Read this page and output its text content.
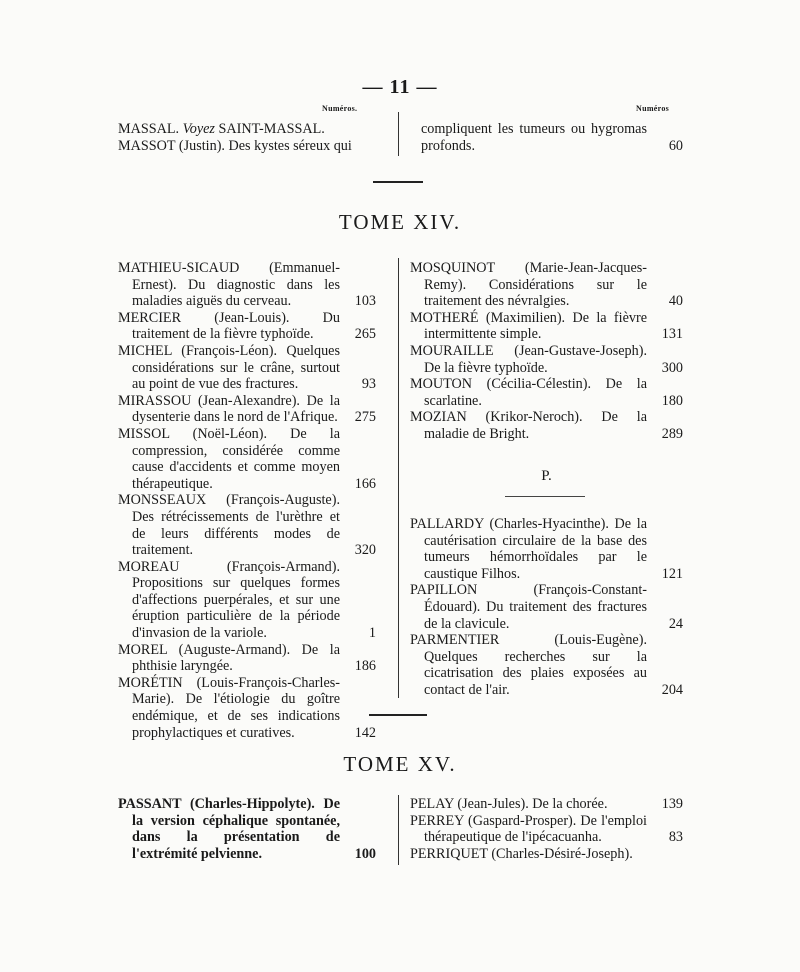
— 11 —
Numéros.	Numéros
MASSAL. Voyez SAINT-MASSAL.
MASSOT (Justin). Des kystes séreux qui
compliquent les tumeurs ou hygromas profonds.	60
TOME XIV.
MATHIEU-SICAUD (Emmanuel-Ernest). Du diagnostic dans les maladies aiguës du cerveau.	103
MERCIER (Jean-Louis). Du traitement de la fièvre typhoïde.	265
MICHEL (François-Léon). Quelques considérations sur le crâne, surtout au point de vue des fractures.	93
MIRASSOU (Jean-Alexandre). De la dysenterie dans le nord de l'Afrique.	275
MISSOL (Noël-Léon). De la compression, considérée comme cause d'accidents et comme moyen thérapeutique.	166
MONSSEAUX (François-Auguste). Des rétrécissements de l'urèthre et de leurs différents modes de traitement.	320
MOREAU (François-Armand). Propositions sur quelques formes d'affections puerpérales, et sur une éruption particulière de la période d'invasion de la variole.	1
MOREL (Auguste-Armand). De la phthisie laryngée.	186
MORÉTIN (Louis-François-Charles-Marie). De l'étiologie du goître endémique, et de ses indications prophylactiques et curatives.	142
MOSQUINOT (Marie-Jean-Jacques-Remy). Considérations sur le traitement des névralgies.	40
MOTHERÉ (Maximilien). De la fièvre intermittente simple.	131
MOURAILLE (Jean-Gustave-Joseph). De la fièvre typhoïde.	300
MOUTON (Cécilia-Célestin). De la scarlatine.	180
MOZIAN (Krikor-Neroch). De la maladie de Bright.	289
P.
PALLARDY (Charles-Hyacinthe). De la cautérisation circulaire de la base des tumeurs hémorrhoïdales par le caustique Filhos.	121
PAPILLON (François-Constant-Édouard). Du traitement des fractures de la clavicule.	24
PARMENTIER (Louis-Eugène). Quelques recherches sur la cicatrisation des plaies exposées au contact de l'air.	204
TOME XV.
PASSANT (Charles-Hippolyte). De la version céphalique spontanée, dans la présentation de l'extrémité pelvienne.	100
PELAY (Jean-Jules). De la chorée.	139
PERREY (Gaspard-Prosper). De l'emploi thérapeutique de l'ipécacuanha.	83
PERRIQUET (Charles-Désiré-Joseph).
